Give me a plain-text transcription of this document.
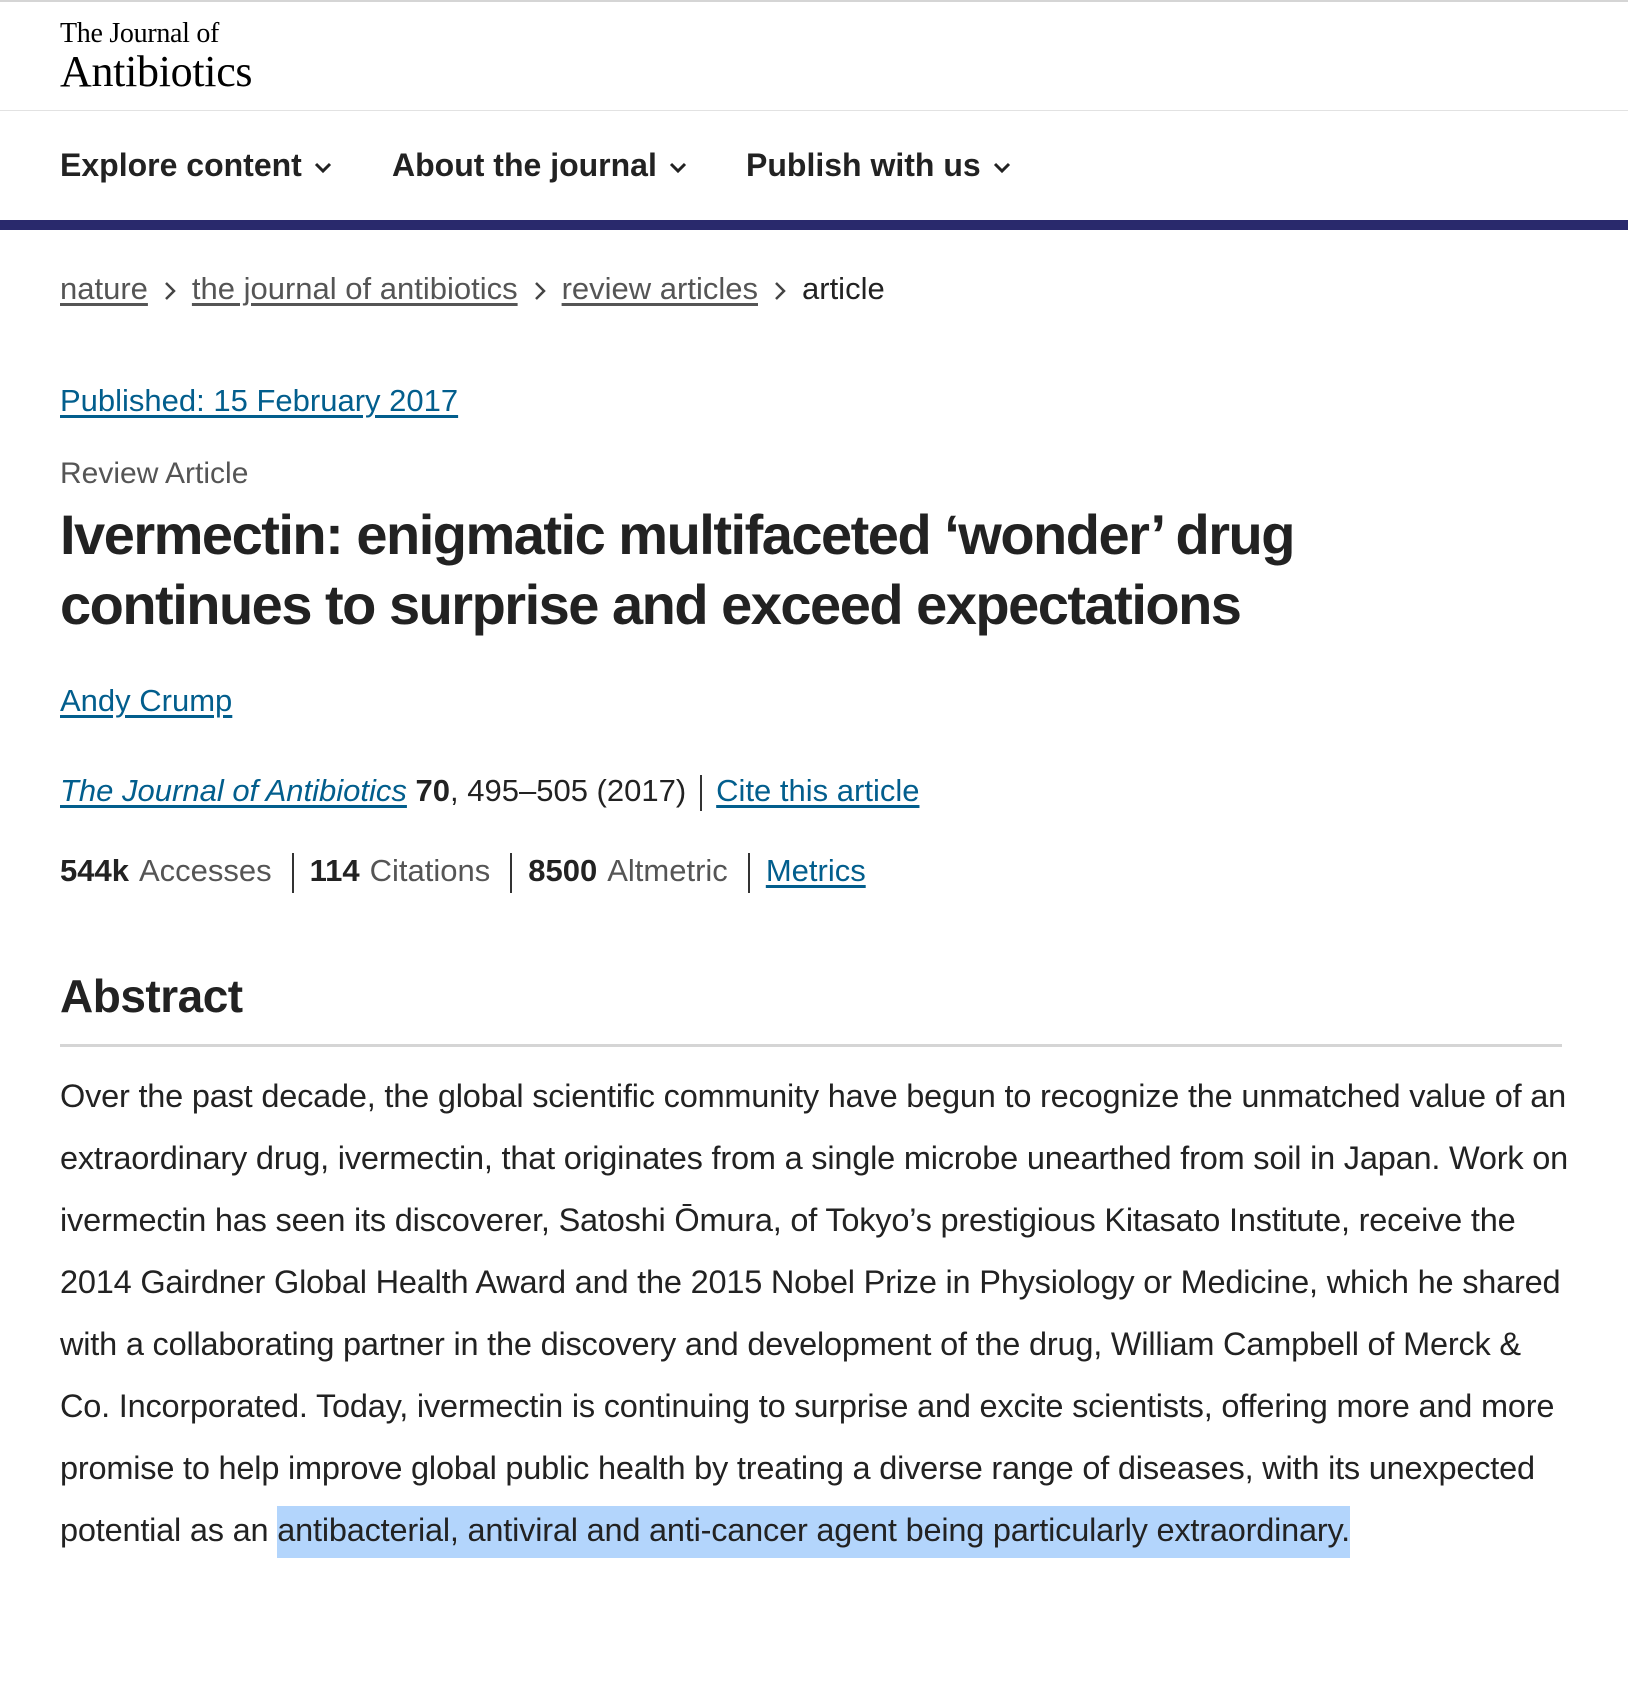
The Journal of
Antibiotics
Explore content	About the journal	Publish with us
nature the journal of antibiotics review articles article
Published: 15 February 2017
Review Article
Ivermectin: enigmatic multifaceted ‘wonder’ drug continues to surprise and exceed expectations
Andy Crump
The Journal of Antibiotics 70, 495–505 (2017) Cite this article
544k Accesses 114 Citations 8500 Altmetric Metrics
Abstract

Over the past decade, the global scientific community have begun to recognize the unmatched value of an extraordinary drug, ivermectin, that originates from a single microbe unearthed from soil in Japan. Work on ivermectin has seen its discoverer, Satoshi Ōmura, of Tokyo’s prestigious Kitasato Institute, receive the 2014 Gairdner Global Health Award and the 2015 Nobel Prize in Physiology or Medicine, which he shared with a collaborating partner in the discovery and development of the drug, William Campbell of Merck & Co. Incorporated. Today, ivermectin is continuing to surprise and excite scientists, offering more and more promise to help improve global public health by treating a diverse range of diseases, with its unexpected potential as an antibacterial, antiviral and anti-cancer agent being particularly extraordinary.
